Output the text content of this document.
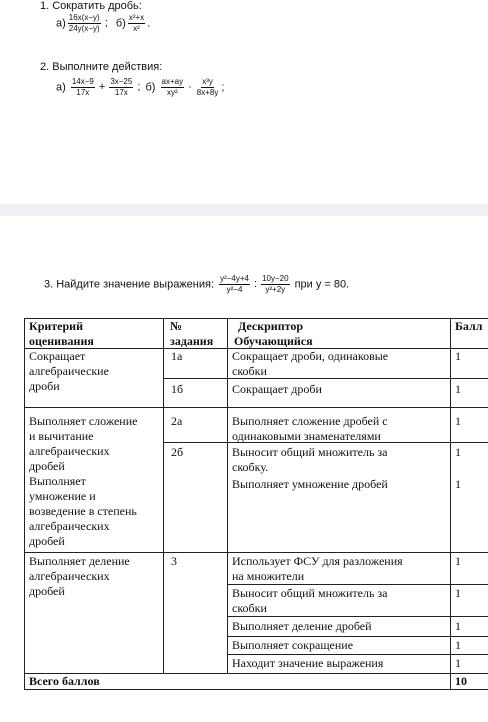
1. Сократить дробь:
$а) \frac{16x(x-y)}{24y(x-y)}$ ; $б) \frac{\text{x²+x}}{\text{x²}}$ .
2. Выполните действия:
$а) \frac{14x-9}{17x} + \frac{3x-25}{17x}$ ; $б) \frac{ax+ay}{\text{xy²}} \cdot \frac{\text{x³y}}{8x+8y}$ ;
3. Найдите значение выражения: $\frac{\text{y²−4y+4}}{\text{y²−4}}$ : $\frac{10y-20}{\text{y²+2y}}$ при y = 80.
Критерий
оценивания
№
задания
Дескриптор
Обучающийся
Балл
Сокращает
алгебраические
дроби
Выполняет сложение
и вычитание
алгебраических
дробей
Выполняет
умножение и
возведение в степень
алгебраических
дробей
Выполняет деление
алгебраических
дробей
1а
1б
2а
2б
3
Сокращает дроби, одинаковые
скобки
Сокращает дроби
Выполняет сложение дробей с
одинаковыми знаменателями
Выносит общий множитель за
скобку.
Выполняет умножение дробей
Использует ФСУ для разложения
на множители
Выносит общий множитель за
скобки
Выполняет деление дробей
Выполняет сокращение
Находит значение выражения
1
1
1
1
1
1
1
1
1
1
Всего баллов	10
